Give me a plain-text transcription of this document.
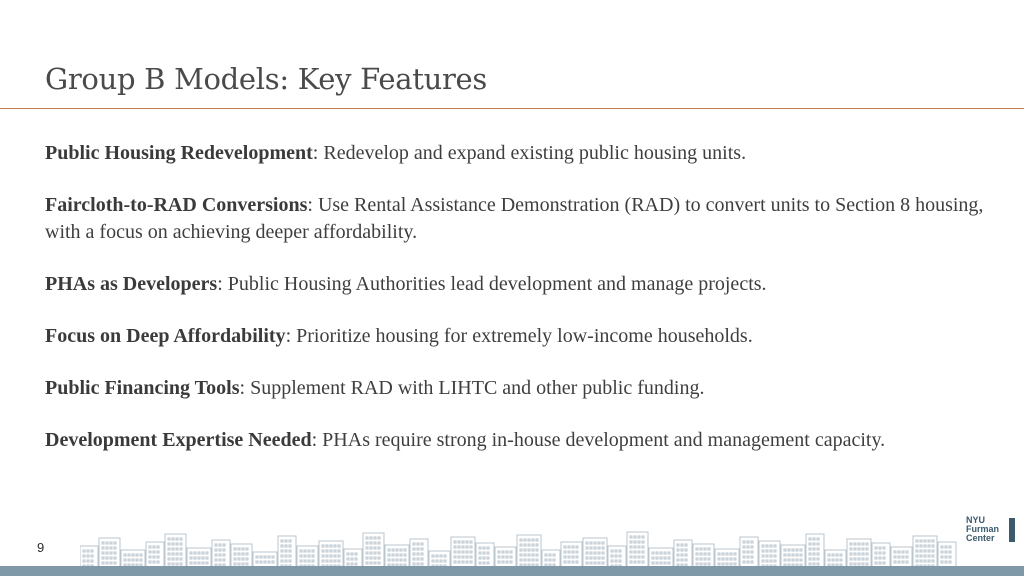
Group B Models: Key Features

Public Housing Redevelopment: Redevelop and expand existing public housing units.

Faircloth-to-RAD Conversions: Use Rental Assistance Demonstration (RAD) to convert units to Section 8 housing, with a focus on achieving deeper affordability.

PHAs as Developers: Public Housing Authorities lead development and manage projects.

Focus on Deep Affordability: Prioritize housing for extremely low-income households.

Public Financing Tools: Supplement RAD with LIHTC and other public funding.

Development Expertise Needed: PHAs require strong in-house development and management capacity.

9
NYU
Furman
Center
